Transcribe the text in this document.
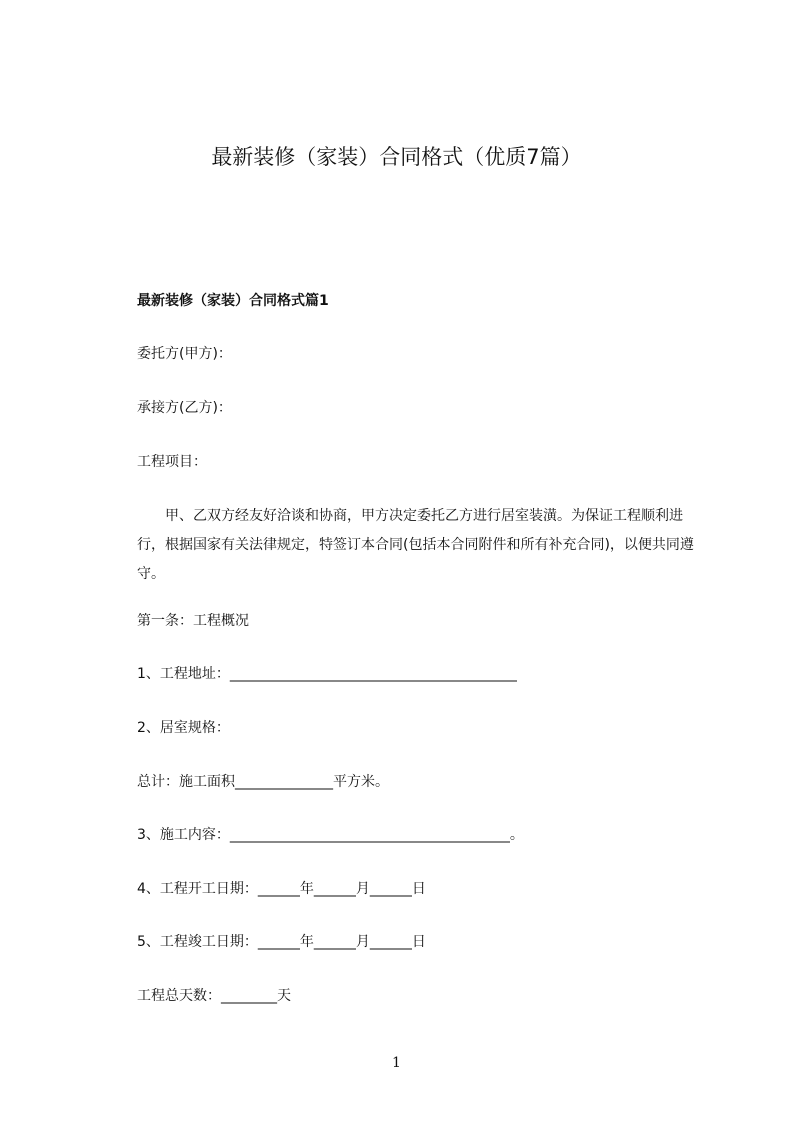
最新装修（家装）合同格式（优质7篇）
最新装修（家装）合同格式篇1

委托方(甲方)：

承接方(乙方)：

工程项目：

甲、乙双方经友好洽谈和协商，甲方决定委托乙方进行居室装潢。为保证工程顺利进行，根据国家有关法律规定，特签订本合同(包括本合同附件和所有补充合同)，以便共同遵守。

第一条：工程概况

1、工程地址：_________________________________________

2、居室规格：

总计：施工面积______________平方米。

3、施工内容：________________________________________。

4、工程开工日期：______年______月______日

5、工程竣工日期：______年______月______日

工程总天数：________天

1
